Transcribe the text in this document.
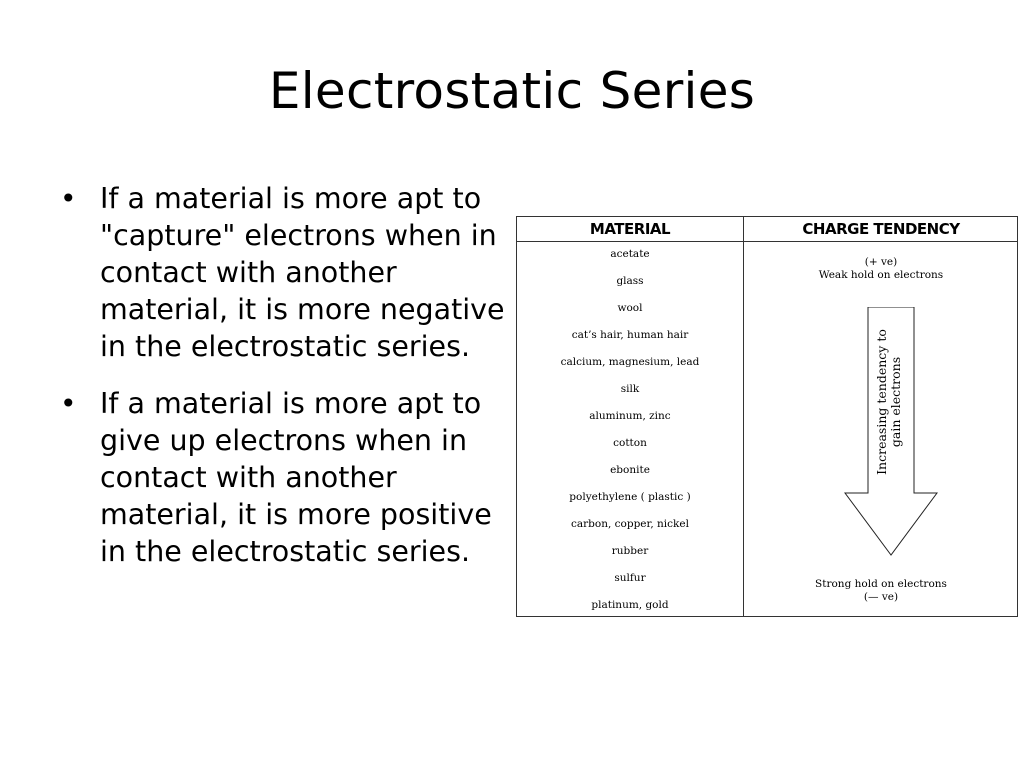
Electrostatic Series
• If a material is more apt to "capture" electrons when in contact with another material, it is more negative in the electrostatic series.
• If a material is more apt to give up electrons when in contact with another material, it is more positive in the electrostatic series.
MATERIAL	CHARGE TENDENCY
acetate
glass
wool
cat’s hair, human hair
calcium, magnesium, lead
silk
aluminum, zinc
cotton
ebonite
polyethylene ( plastic )
carbon, copper, nickel
rubber
sulfur
platinum, gold
(+ ve)
Weak hold on electrons
Increasing tendency to gain electrons
Strong hold on electrons
(— ve)
